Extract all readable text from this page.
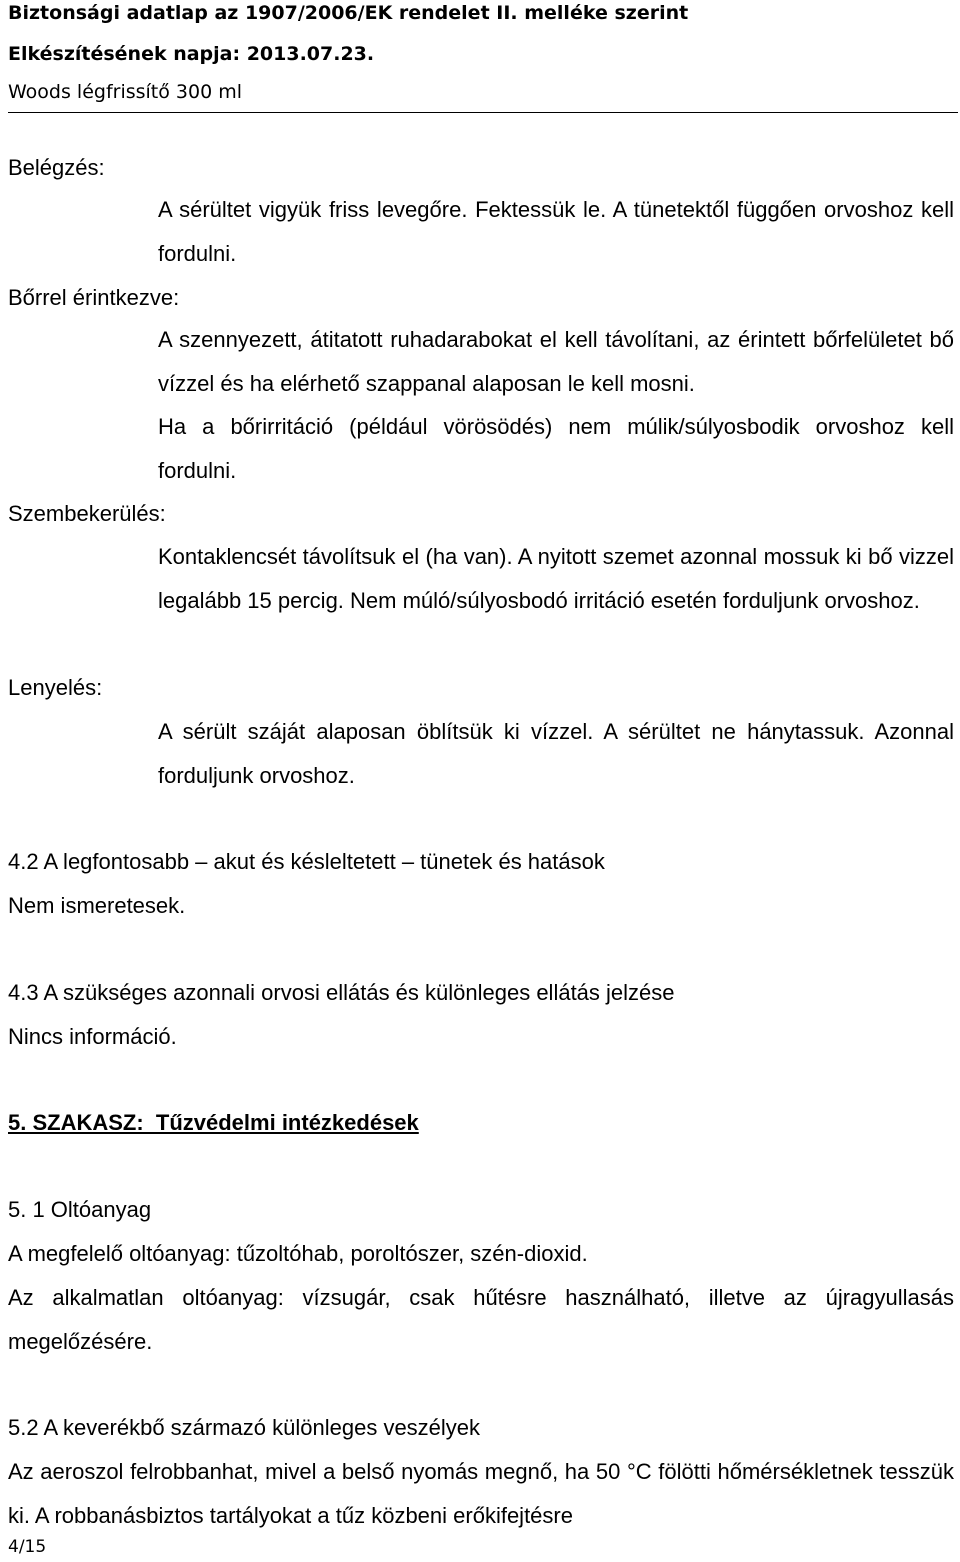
Biztonsági adatlap az 1907/2006/EK rendelet II. melléke szerint
Elkészítésének napja: 2013.07.23.
Woods légfrissítő 300 ml
Belégzés:
A sérültet vigyük friss levegőre. Fektessük le. A tünetektől függően orvoshoz kell fordulni.
Bőrrel érintkezve:
A szennyezett, átitatott ruhadarabokat el kell távolítani, az érintett bőrfelületet bő vízzel és ha elérhető szappanal alaposan le kell mosni.
Ha a bőrirritáció (például vörösödés) nem múlik/súlyosbodik orvoshoz kell fordulni.
Szembekerülés:
Kontaklencsét távolítsuk el (ha van). A nyitott szemet azonnal mossuk ki bő vizzel legalább 15 percig. Nem múló/súlyosbodó irritáció esetén forduljunk orvoshoz.
Lenyelés:
A sérült száját alaposan öblítsük ki vízzel. A sérültet ne hánytassuk. Azonnal forduljunk orvoshoz.
4.2 A legfontosabb – akut és késleltetett – tünetek és hatások
Nem ismeretesek.
4.3 A szükséges azonnali orvosi ellátás és különleges ellátás jelzése
Nincs információ.
5. SZAKASZ:  Tűzvédelmi intézkedések
5. 1 Oltóanyag
A megfelelő oltóanyag: tűzoltóhab, poroltószer, szén-dioxid.
Az alkalmatlan oltóanyag: vízsugár, csak hűtésre használható, illetve az újragyullasás megelőzésére.
5.2 A keverékbő származó különleges veszélyek
Az aeroszol felrobbanhat, mivel a belső nyomás megnő, ha 50 °C fölötti hőmérsékletnek tesszük ki. A robbanásbiztos tartályokat a tűz közbeni erőkifejtésre
4/15
